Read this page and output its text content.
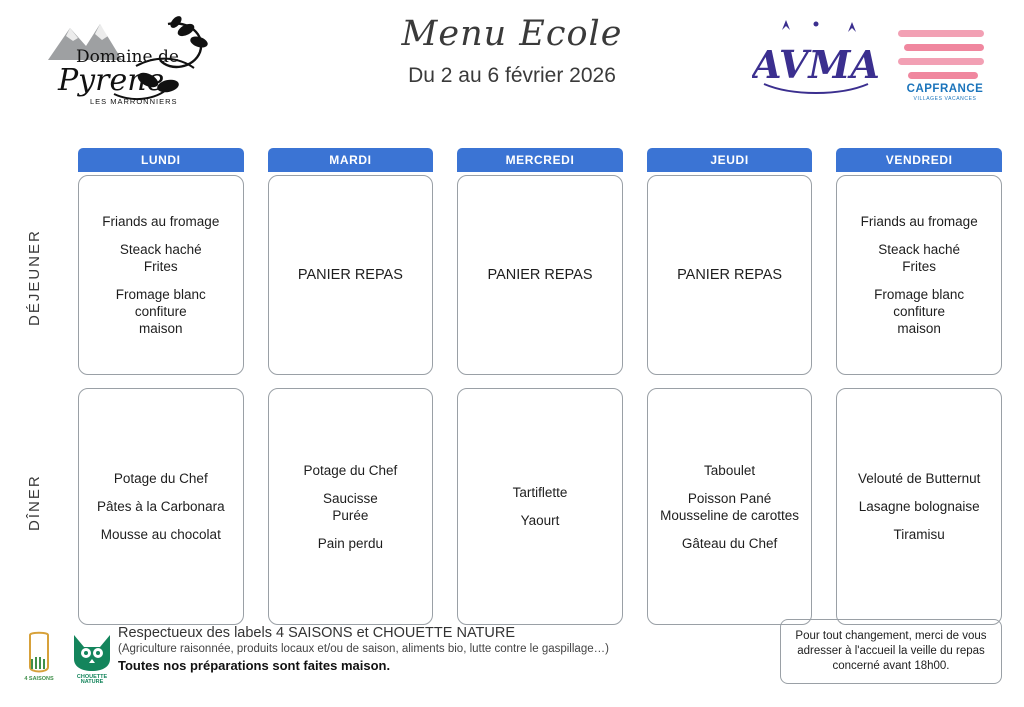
Domaine de
Pyrene
LES MARRONNIERS

Menu Ecole

Du 2 au 6 février 2026	AVMA
CAPFRANCE
VILLAGES VACANCES
DÉJEUNER
DÎNER
LUNDI

Friands au fromage

Steack haché

Frites

Fromage blanc confiture

maison

Potage du Chef

Pâtes à la Carbonara

Mousse au chocolat

MARDI

PANIER REPAS

Potage du Chef

Saucisse

Purée

Pain perdu

MERCREDI

PANIER REPAS

Tartiflette

Yaourt

JEUDI

PANIER REPAS

Taboulet

Poisson Pané

Mousseline de carottes

Gâteau du Chef

VENDREDI

Friands au fromage

Steack haché

Frites

Fromage blanc confiture

maison

Velouté de Butternut

Lasagne bolognaise

Tiramisu

4 SAISONS	CHOUETTE
NATURE

Respectueux des labels 4 SAISONS et CHOUETTE NATURE

(Agriculture raisonnée, produits locaux et/ou de saison, aliments bio, lutte contre le gaspillage…)

Toutes nos préparations sont faites maison.

Pour tout changement, merci de vous adresser à l'accueil la veille du repas concerné avant 18h00.
